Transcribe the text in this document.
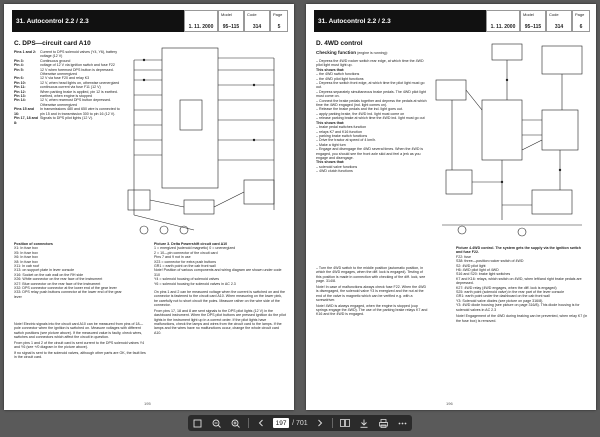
31. Autocontrol 2.2 / 2.3
1. 11. 2000
Model
95–115
Code
314
Page
5
C. DPS—circuit card A10
Pins 1 and 2:	Current to DPS solenoid valves (Y4, Y6), battery voltage (12 V)
Pin 3:	Continuous ground
Pin 4:	voltage of 12 V via ignition switch and fuse F22
Pin 5:	12 V when foremost DPS button is depressed. Otherwise unenergized
Pin 6:	12 V via fuse F20 and relay K3
Pin 10:	12 V, when head lights on, otherwise unenergized
Pin 11:	continuous current via fuse F11 (12 V)
Pin 12:	When parking brake is applied, pin 12 is earthed.
Pin 13:	earthed, when engine is stopped
Pin 14:	12 V, when rearmost DPS button depressed. Otherwise unenergized
Pins 15 and 16:
In transmissions 480 and 650 wire is connected to pin 15 and in transmission 300 to pin 16 (12 V).
Pin 17, 18 and 8:
Signals to DPS pilot lights (12 V).
Position of connectors
X1: In fuse box
X5: In fuse box
X6: In fuse box
X8: In fuse box
X11: In cab roof
X13: on support plate in lever console
X16: Socket on the cab wall on the RH side
X26: White connector on the rear face of the instrument
X27: Blue connector on the rear face of the instrument
X32: DPS connector connector at the lower end of the gear lever
X33: DPS relay push buttons connector at the lower end of the gear lever
Picture 3. Delta Powershift circuit card A10
1 = energized (solenoid magnetic) 0 = unenergized
2 = 10—pin connector of the circuit card
Pins 7 and 9 not in use
X23 = connector for extra push buttons
GR1 = earth point on the cab front wall
Note! Position of various components and wiring diagram are shown under code 310
Y4 = solenoid housing of solenoid valves
Y6 = solenoid housing for solenoid valves in AC 2.3

Note! Electric signals into the circuit card A10 can be measured from pins of 18—pole connector when the ignition is switched on. Measure voltages with different switch positions (see picture above). If the measured value is faulty, check wires, switches and connectors which affect the circuit in question.

From pins 1 and 2 of the circuit card is sent current to the DPS solenoid valves Y4 and Y6 (see +/0 diagram in the picture above).

If no signal is sent to the solenoid valves, although other parts are OK, the fault lies in the circuit card.

On pins 1 and 2 can be measured voltage when the current is switched on and the connector is fastened to the circuit card A10. When measuring on the lower pink, be carefully not to short circuit the poles. Measure rather on the wire side of the connector.

From pins 17, 18 and 8 are sent signals to the DPS pilot lights (12 V) in the dashboard instrument. When the DPS pilot buttons are pressed ignition do the pilot lights in the instrument light up in a correct order. If the pilot lights have malfunctions, check the lamps and wires from the circuit card to the lamps. If the lamps and the wires have no malfunctions occur, change the whole circuit card A10.

195
31. Autocontrol 2.2 / 2.3
1. 11. 2000
Model
95–115
Code
314
Page
6
D. 4WD control
Checking function (engine is running):
– Depress the 4WD rocker switch rear edge, at which time the 4WD pilot light must light up.
This shows that:
– the 4WD switch functions
– the 4WD pilot light functions
– Depress the switch front edge, at which time the pilot light must go out.
– Depress separately simultaneous brake pedals. The 4WD pilot light must come on.
– Connect the brake pedals together and depress the pedals at which time the 4WD engaged (ind. light comes on).
– Release the brake pedals and the ind. light goes out.
– apply parking brake, the 4WD ind. light must come on
– release parking brake at which time the 4WD ind. light must go out
This shows that:
– brake pedal switches function
– relays K7 and K16 function
– parking brake switch functions
– Drive the tractor at speed of 4 km/h.
– Make a tight turn
– Engage and disengage the 4WD several times. When the 4WD is engaged, you should see the front axle skid and feel a jerk as you engage and disengage.
This shows that:
– solenoid valve functions
– 4WD clutch functions

– Turn the 4WD switch to the middle position (automatic position, in which the 4WD engages, when the diff. lock is engaged). Testing of this position is made in connection with checking of the diff. lock, see page. 314/8.

Note! In case of malfunctions always check fuse F22. When the 4WD is disengaged, the solenoid valve Y3 is energized and the nut at the end of the valve is magnetic which can be verified e.g. with a screwdriver.

Note! 4WD is always engaged, when the engine is stopped (cup springs engage the 4WD). The use of the parking brake relays K7 and K16 and the 4WD is engaged.

Picture 4.4WD control. The system gets the supply via the ignition switch and fuse F22.
F22: fuse
S38: three—position rocker switch of 4WD
S2: 4WD pilot light
H6: 4WD pilot light of 4WD
S16 and S20: brake light switches
K7 and K16: relays, which switch on 4WD, when left/and right brake pedals are depressed.
K27: 4WD relay (4WD engages, when the diff. lock is engaged)
S25: earth point (solenoid valve) in the rear part of the lever console
GR1: earth point under the dashboard on the cab front wall
Y3: Solenoid valve diodes (see picture on page 316/8).
Y3: 4WD diode housing (see picture on page 316/8). This diode housing is for solenoid valves in AC 2.3

Note! Engagement of the 4WD during braking can be prevented, when relay K7 (in the fuse box) is removed.

196
197 / 701
